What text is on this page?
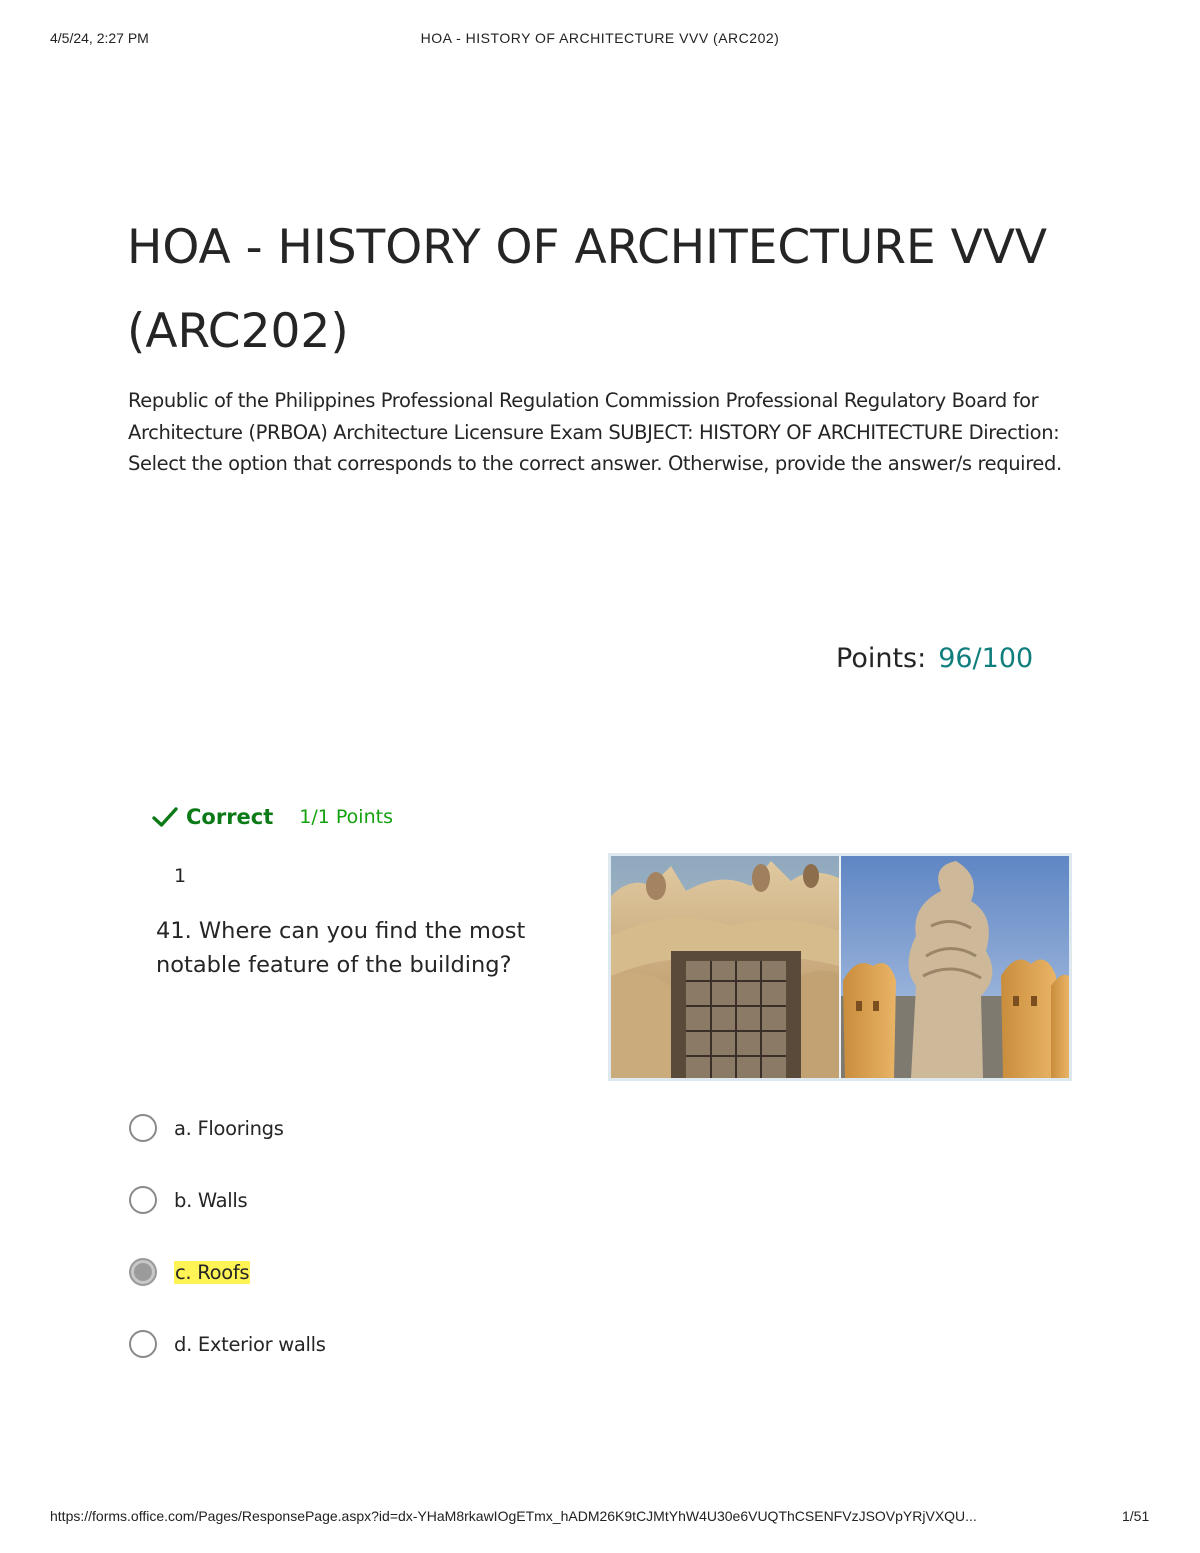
4/5/24, 2:27 PM	HOA - HISTORY OF ARCHITECTURE VVV (ARC202)
HOA - HISTORY OF ARCHITECTURE VVV (ARC202)

Republic of the Philippines Professional Regulation Commission Professional Regulatory Board for Architecture (PRBOA) Architecture Licensure Exam SUBJECT: HISTORY OF ARCHITECTURE Direction: Select the option that corresponds to the correct answer. Otherwise, provide the answer/s required.

Points: 96/100
Correct 1/1 Points
1
41. Where can you find the most notable feature of the building?
a. Floorings
b. Walls
c. Roofs
d. Exterior walls
https://forms.office.com/Pages/ResponsePage.aspx?id=dx-YHaM8rkawIOgETmx_hADM26K9tCJMtYhW4U30e6VUQThCSENFVzJSOVpYRjVXQU...	1/51
